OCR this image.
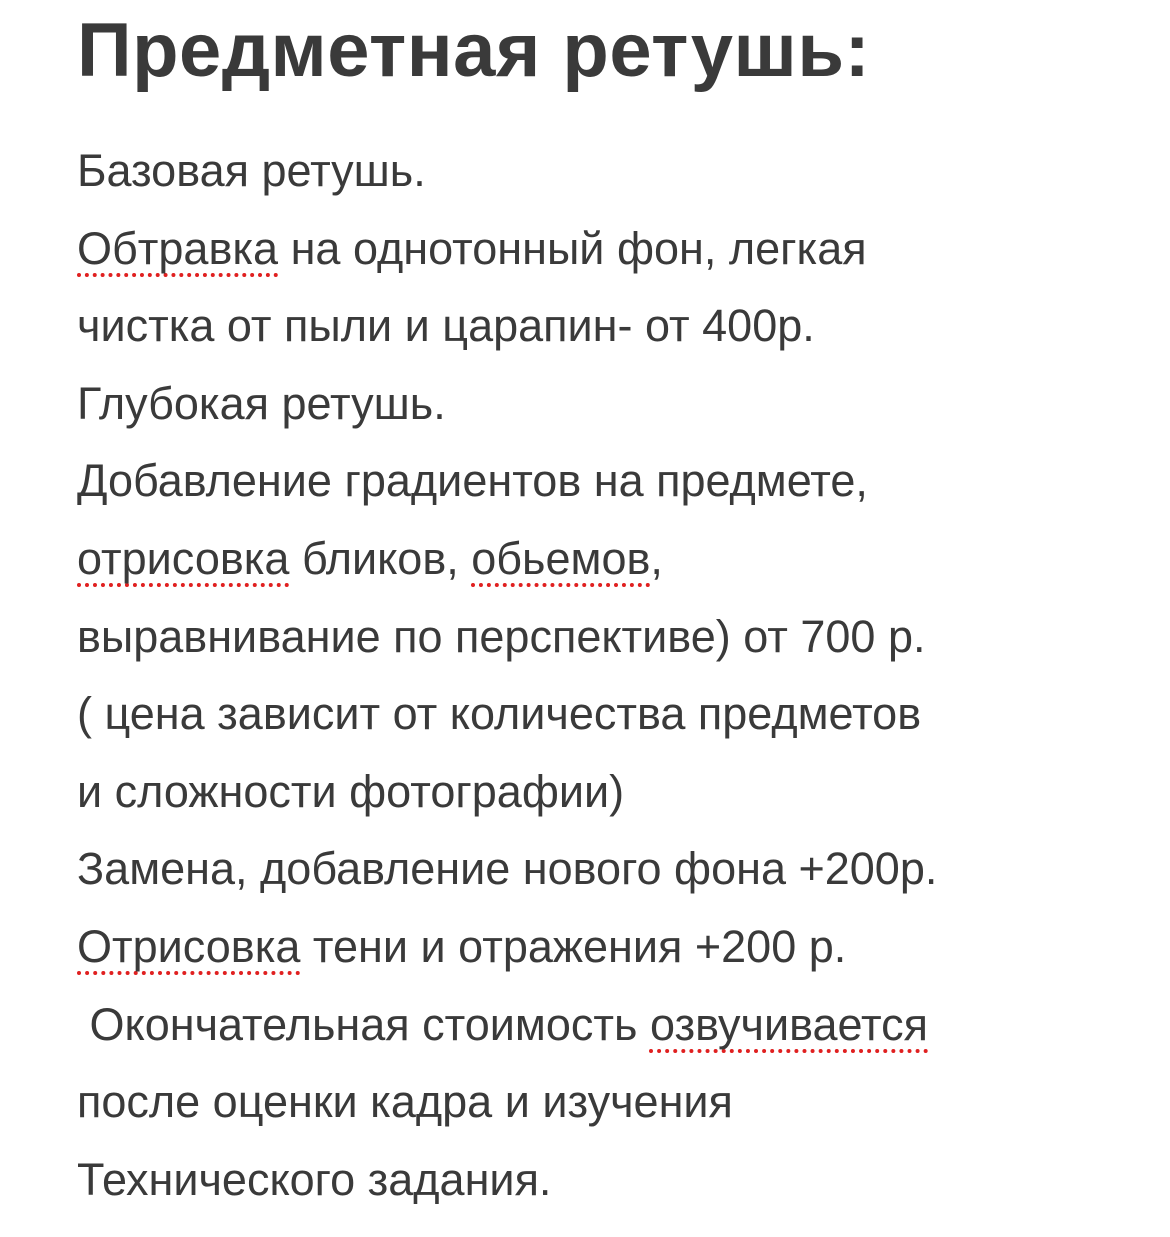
Предметная ретушь:
Базовая ретушь.
Обтравка на однотонный фон, легкая
чистка от пыли и царапин- от 400р.
Глубокая ретушь.
Добавление градиентов на предмете,
отрисовка бликов, обьемов,
выравнивание по перспективе) от 700 р.
( цена зависит от количества предметов
и сложности фотографии)
Замена, добавление нового фона +200р.
Отрисовка тени и отражения +200 р.
Окончательная стоимость озвучивается
после оценки кадра и изучения
Технического задания.
